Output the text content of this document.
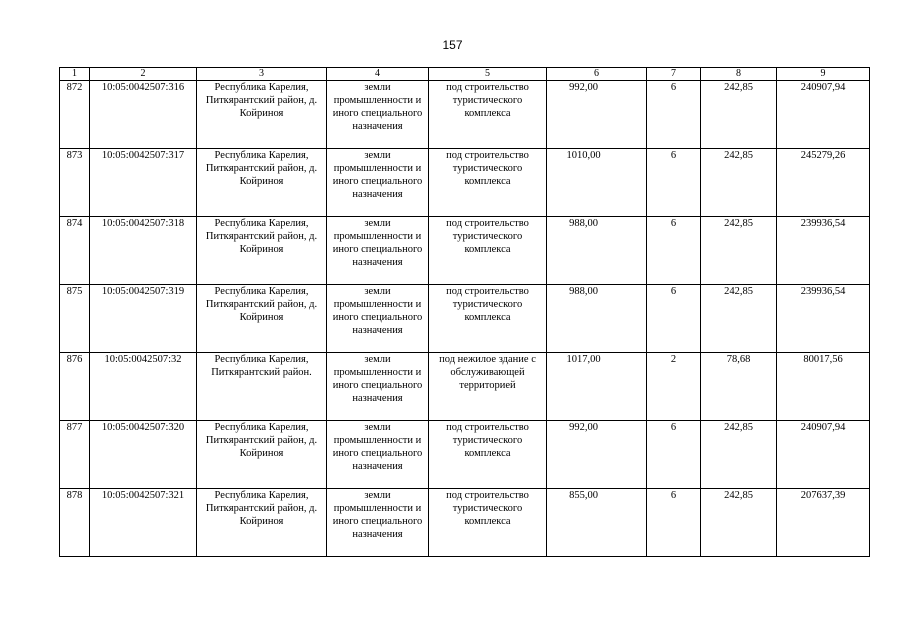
157
1	2	3	4	5	6	7	8	9
872	10:05:0042507:316	Республика Карелия, Питкярантский район, д. Койриноя	земли промышленности и иного специального назначения	под строительство туристического комплекса	992,00	6	242,85	240907,94
873	10:05:0042507:317	Республика Карелия, Питкярантский район, д. Койриноя	земли промышленности и иного специального назначения	под строительство туристического комплекса	1010,00	6	242,85	245279,26
874	10:05:0042507:318	Республика Карелия, Питкярантский район, д. Койриноя	земли промышленности и иного специального назначения	под строительство туристического комплекса	988,00	6	242,85	239936,54
875	10:05:0042507:319	Республика Карелия, Питкярантский район, д. Койриноя	земли промышленности и иного специального назначения	под строительство туристического комплекса	988,00	6	242,85	239936,54
876	10:05:0042507:32	Республика Карелия, Питкярантский район.	земли промышленности и иного специального назначения	под нежилое здание с обслуживающей территорией	1017,00	2	78,68	80017,56
877	10:05:0042507:320	Республика Карелия, Питкярантский район, д. Койриноя	земли промышленности и иного специального назначения	под строительство туристического комплекса	992,00	6	242,85	240907,94
878	10:05:0042507:321	Республика Карелия, Питкярантский район, д. Койриноя	земли промышленности и иного специального назначения	под строительство туристического комплекса	855,00	6	242,85	207637,39
